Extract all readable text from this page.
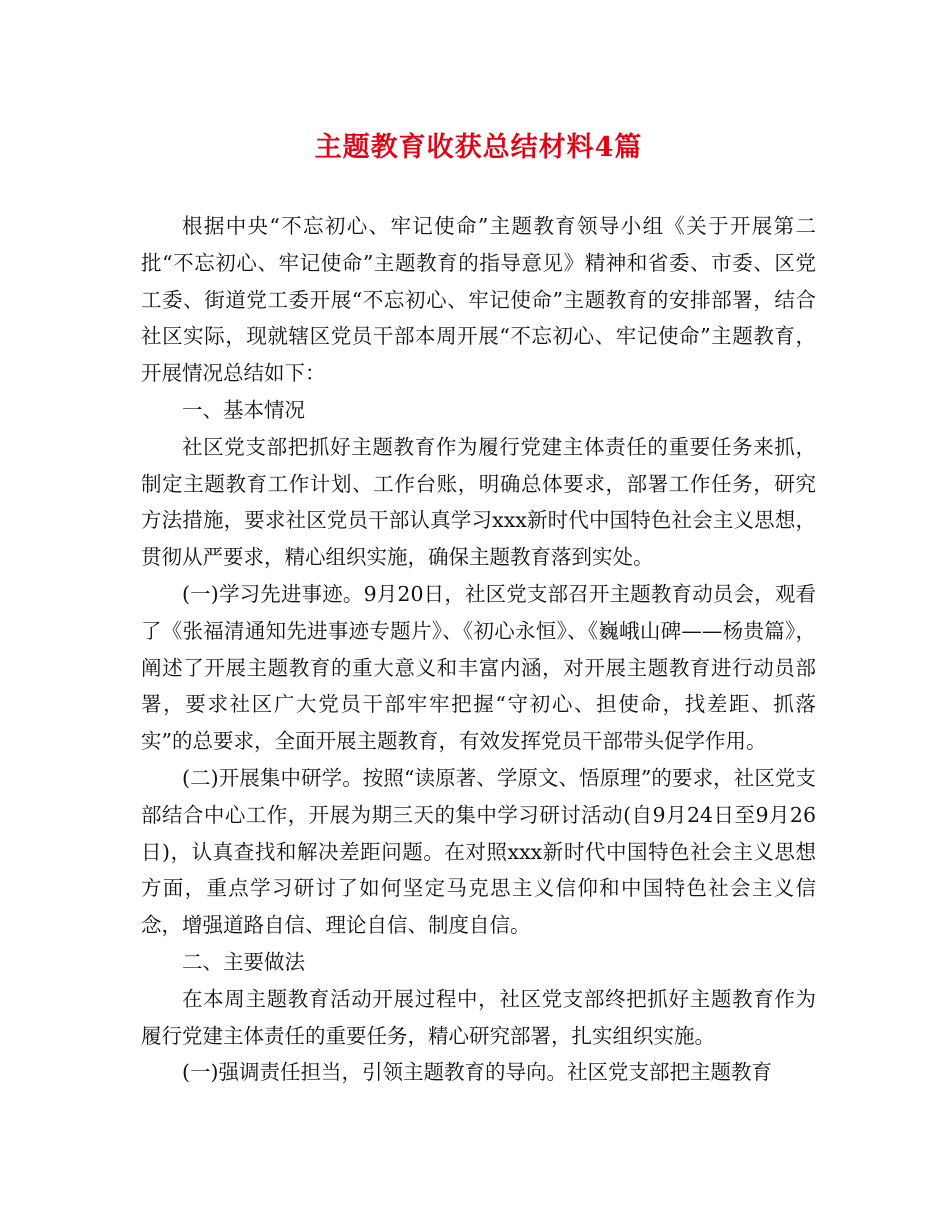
主题教育收获总结材料4篇

根据中央“不忘初心、牢记使命”主题教育领导小组《关于开展第二批“不忘初心、牢记使命”主题教育的指导意见》精神和省委、市委、区党工委、街道党工委开展“不忘初心、牢记使命”主题教育的安排部署，结合社区实际，现就辖区党员干部本周开展“不忘初心、牢记使命”主题教育，开展情况总结如下：

一、基本情况

社区党支部把抓好主题教育作为履行党建主体责任的重要任务来抓，制定主题教育工作计划、工作台账，明确总体要求，部署工作任务，研究方法措施，要求社区党员干部认真学习xxx新时代中国特色社会主义思想，贯彻从严要求，精心组织实施，确保主题教育落到实处。

(一)学习先进事迹。9月20日，社区党支部召开主题教育动员会，观看了《张福清通知先进事迹专题片》、《初心永恒》、《巍峨山碑——杨贵篇》，阐述了开展主题教育的重大意义和丰富内涵，对开展主题教育进行动员部署，要求社区广大党员干部牢牢把握“守初心、担使命，找差距、抓落实”的总要求，全面开展主题教育，有效发挥党员干部带头促学作用。

(二)开展集中研学。按照“读原著、学原文、悟原理”的要求，社区党支部结合中心工作，开展为期三天的集中学习研讨活动(自9月24日至9月26日)，认真查找和解决差距问题。在对照xxx新时代中国特色社会主义思想方面，重点学习研讨了如何坚定马克思主义信仰和中国特色社会主义信念，增强道路自信、理论自信、制度自信。

二、主要做法

在本周主题教育活动开展过程中，社区党支部终把抓好主题教育作为履行党建主体责任的重要任务，精心研究部署，扎实组织实施。

(一)强调责任担当，引领主题教育的导向。社区党支部把主题教育
